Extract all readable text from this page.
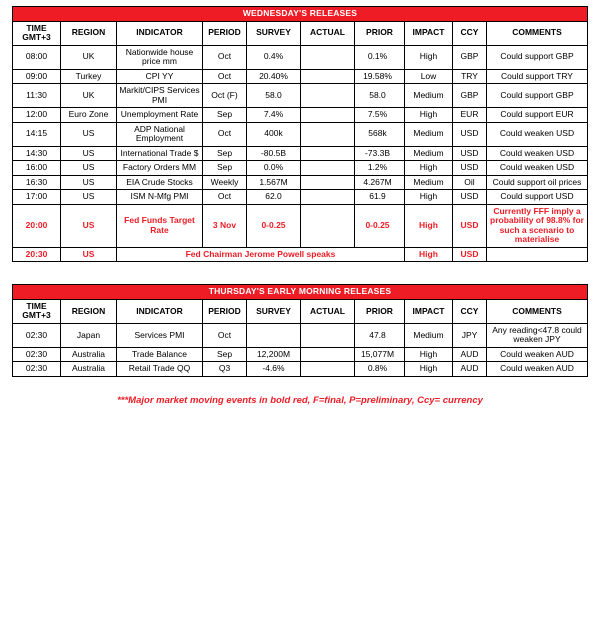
WEDNESDAY'S RELEASES									
TIME
GMT+3	REGION	INDICATOR	PERIOD	SURVEY	ACTUAL	PRIOR	IMPACT	CCY	COMMENTS
08:00	UK	Nationwide house price mm	Oct	0.4%		0.1%	High	GBP	Could support GBP
09:00	Turkey	CPI YY	Oct	20.40%		19.58%	Low	TRY	Could support TRY
11:30	UK	Markit/CIPS Services PMI	Oct (F)	58.0		58.0	Medium	GBP	Could support GBP
12:00	Euro Zone	Unemployment Rate	Sep	7.4%		7.5%	High	EUR	Could support EUR
14:15	US	ADP National Employment	Oct	400k		568k	Medium	USD	Could weaken USD
14:30	US	International Trade $	Sep	-80.5B		-73.3B	Medium	USD	Could weaken USD
16:00	US	Factory Orders MM	Sep	0.0%		1.2%	High	USD	Could weaken USD
16:30	US	EIA Crude Stocks	Weekly	1.567M		4.267M	Medium	Oil	Could support oil prices
17:00	US	ISM N-Mfg PMI	Oct	62.0		61.9	High	USD	Could support USD
20:00	US	Fed Funds Target Rate	3 Nov	0-0.25		0-0.25	High	USD	Currently FFF imply a probability of 98.8% for such a scenario to materialise
20:30	US	Fed Chairman Jerome Powell speaks					High	USD	
THURSDAY'S EARLY MORNING RELEASES									
TIME
GMT+3	REGION	INDICATOR	PERIOD	SURVEY	ACTUAL	PRIOR	IMPACT	CCY	COMMENTS
02:30	Japan	Services PMI	Oct			47.8	Medium	JPY	Any reading<47.8 could weaken JPY
02:30	Australia	Trade Balance	Sep	12,200M		15,077M	High	AUD	Could weaken AUD
02:30	Australia	Retail Trade QQ	Q3	-4.6%		0.8%	High	AUD	Could weaken AUD
***Major market moving events in bold red, F=final, P=preliminary, Ccy= currency
